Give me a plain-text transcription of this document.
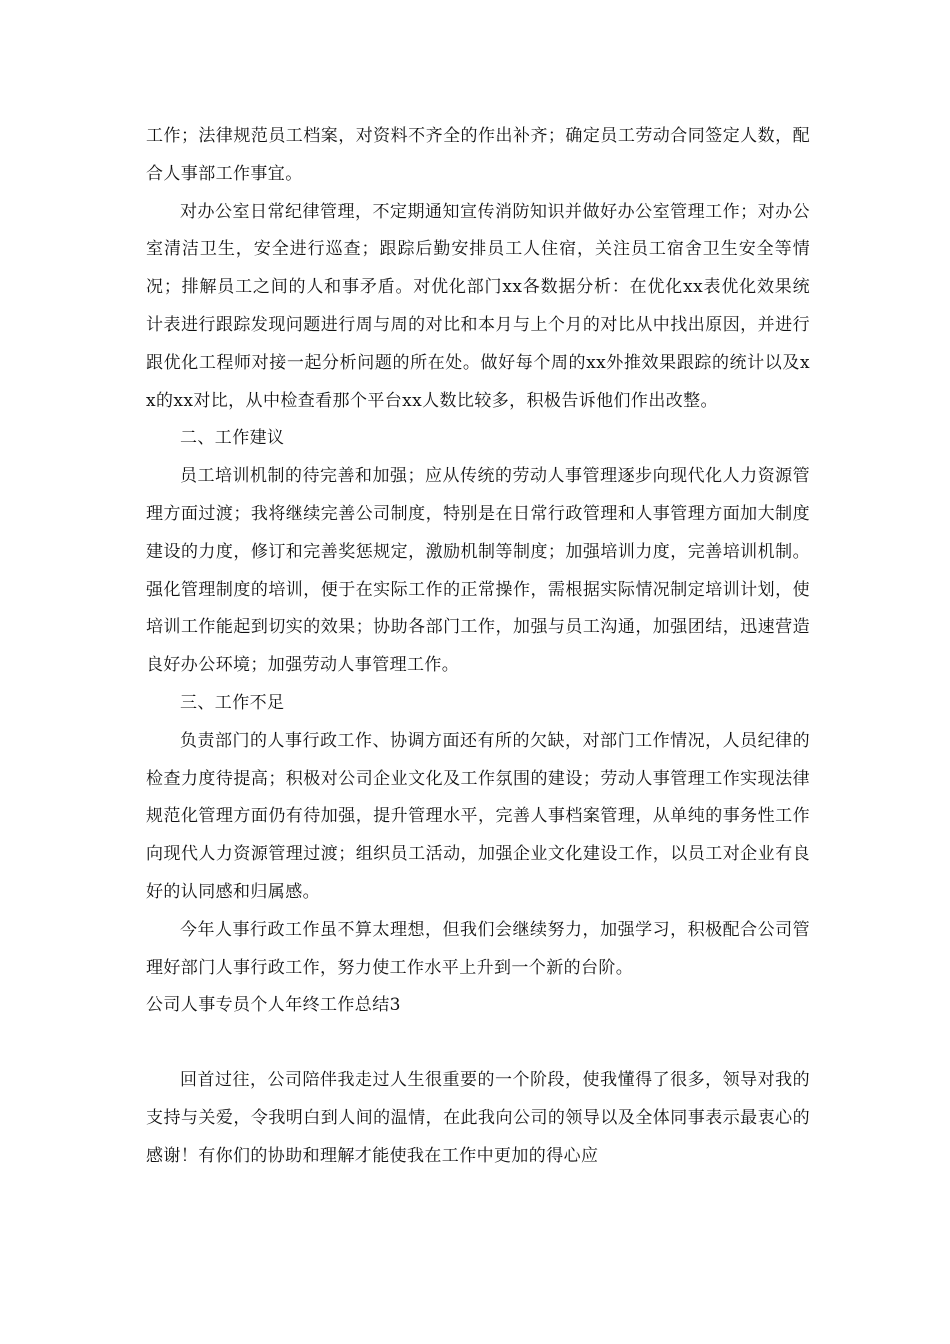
工作；法律规范员工档案，对资料不齐全的作出补齐；确定员工劳动合同签定人数，配合人事部工作事宜。

对办公室日常纪律管理，不定期通知宣传消防知识并做好办公室管理工作；对办公室清洁卫生，安全进行巡查；跟踪后勤安排员工人住宿，关注员工宿舍卫生安全等情况；排解员工之间的人和事矛盾。对优化部门xx各数据分析：在优化xx表优化效果统计表进行跟踪发现问题进行周与周的对比和本月与上个月的对比从中找出原因，并进行跟优化工程师对接一起分析问题的所在处。做好每个周的xx外推效果跟踪的统计以及xx的xx对比，从中检查看那个平台xx人数比较多，积极告诉他们作出改整。

二、工作建议

员工培训机制的待完善和加强；应从传统的劳动人事管理逐步向现代化人力资源管理方面过渡；我将继续完善公司制度，特别是在日常行政管理和人事管理方面加大制度建设的力度，修订和完善奖惩规定，激励机制等制度；加强培训力度，完善培训机制。强化管理制度的培训，便于在实际工作的正常操作，需根据实际情况制定培训计划，使培训工作能起到切实的效果；协助各部门工作，加强与员工沟通，加强团结，迅速营造良好办公环境；加强劳动人事管理工作。

三、工作不足

负责部门的人事行政工作、协调方面还有所的欠缺，对部门工作情况，人员纪律的检查力度待提高；积极对公司企业文化及工作氛围的建设；劳动人事管理工作实现法律规范化管理方面仍有待加强，提升管理水平，完善人事档案管理，从单纯的事务性工作向现代人力资源管理过渡；组织员工活动，加强企业文化建设工作，以员工对企业有良好的认同感和归属感。

今年人事行政工作虽不算太理想，但我们会继续努力，加强学习，积极配合公司管理好部门人事行政工作，努力使工作水平上升到一个新的台阶。

公司人事专员个人年终工作总结3

回首过往，公司陪伴我走过人生很重要的一个阶段，使我懂得了很多，领导对我的支持与关爱，令我明白到人间的温情，在此我向公司的领导以及全体同事表示最衷心的感谢！有你们的协助和理解才能使我在工作中更加的得心应
